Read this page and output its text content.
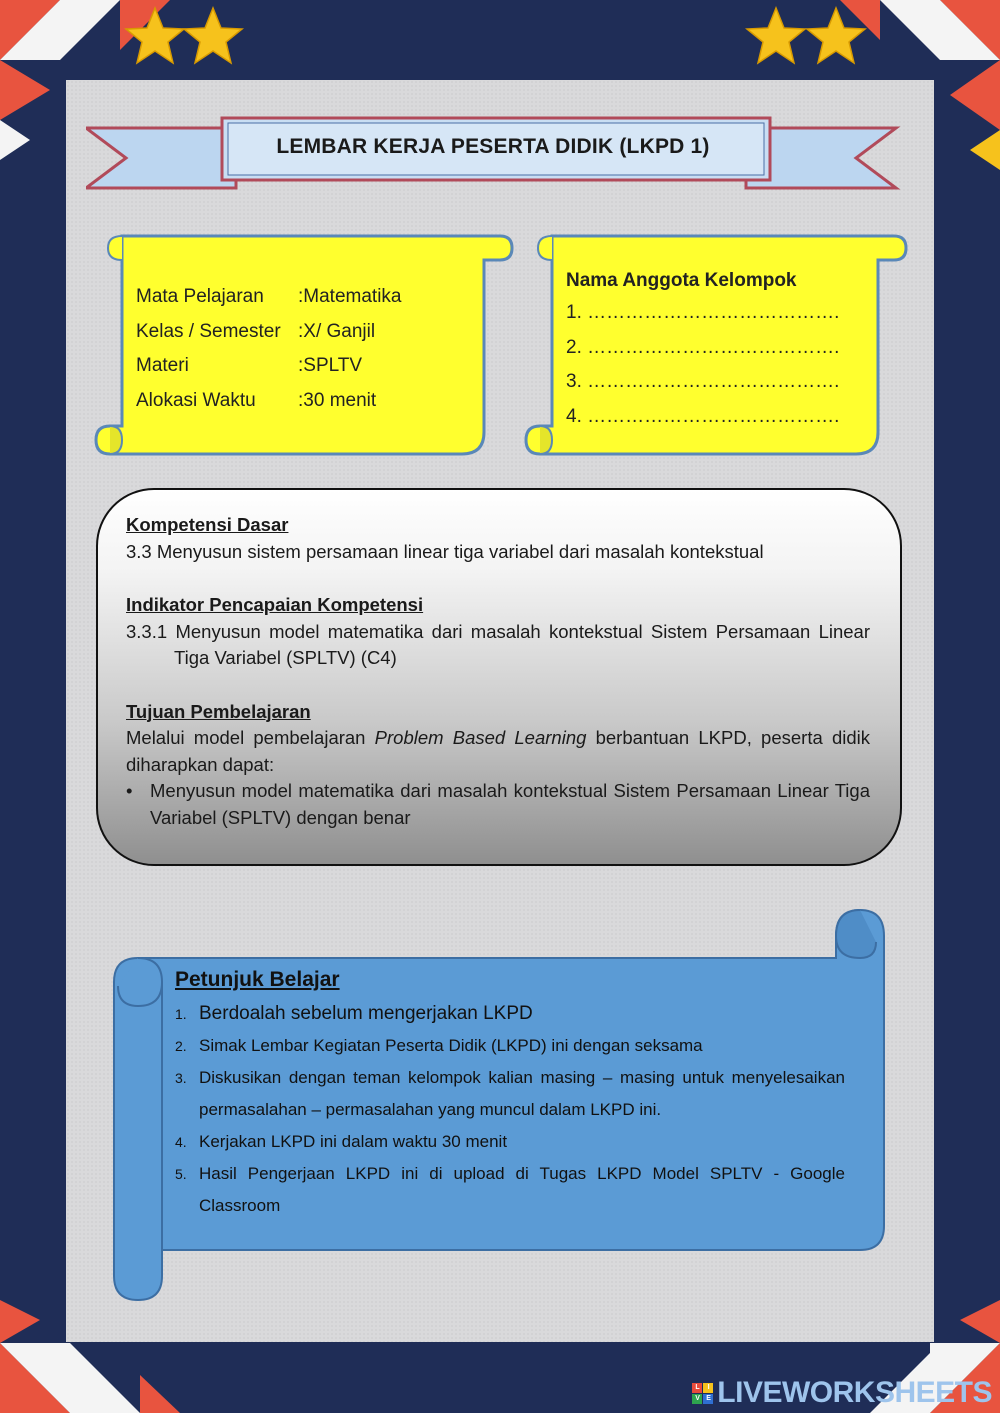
LEMBAR KERJA PESERTA DIDIK (LKPD 1)
Mata Pelajaran	: Matematika
Kelas / Semester : X/ Ganjil
Materi	: SPLTV
Alokasi Waktu	: 30 menit
Nama Anggota Kelompok
1. ………………………………….
2. ………………………………….
3. ………………………………….
4. ………………………………….
Kompetensi Dasar
3.3 Menyusun sistem persamaan linear tiga variabel dari masalah kontekstual
Indikator Pencapaian Kompetensi
3.3.1 Menyusun model matematika dari masalah kontekstual Sistem Persamaan Linear Tiga Variabel (SPLTV) (C4)
Tujuan Pembelajaran
Melalui model pembelajaran Problem Based Learning berbantuan LKPD, peserta didik diharapkan dapat:
• Menyusun model matematika dari masalah kontekstual Sistem Persamaan Linear Tiga Variabel (SPLTV) dengan benar
Petunjuk Belajar
1. Berdoalah sebelum mengerjakan LKPD
2. Simak Lembar Kegiatan Peserta Didik (LKPD) ini dengan seksama
3. Diskusikan dengan teman kelompok kalian masing – masing untuk menyelesaikan permasalahan – permasalahan yang muncul dalam LKPD ini.
4. Kerjakan LKPD ini dalam waktu 30 menit
5. Hasil Pengerjaan LKPD ini di upload di Tugas LKPD Model SPLTV - Google Classroom
L	I
V E LIVEWORKSHEETS
